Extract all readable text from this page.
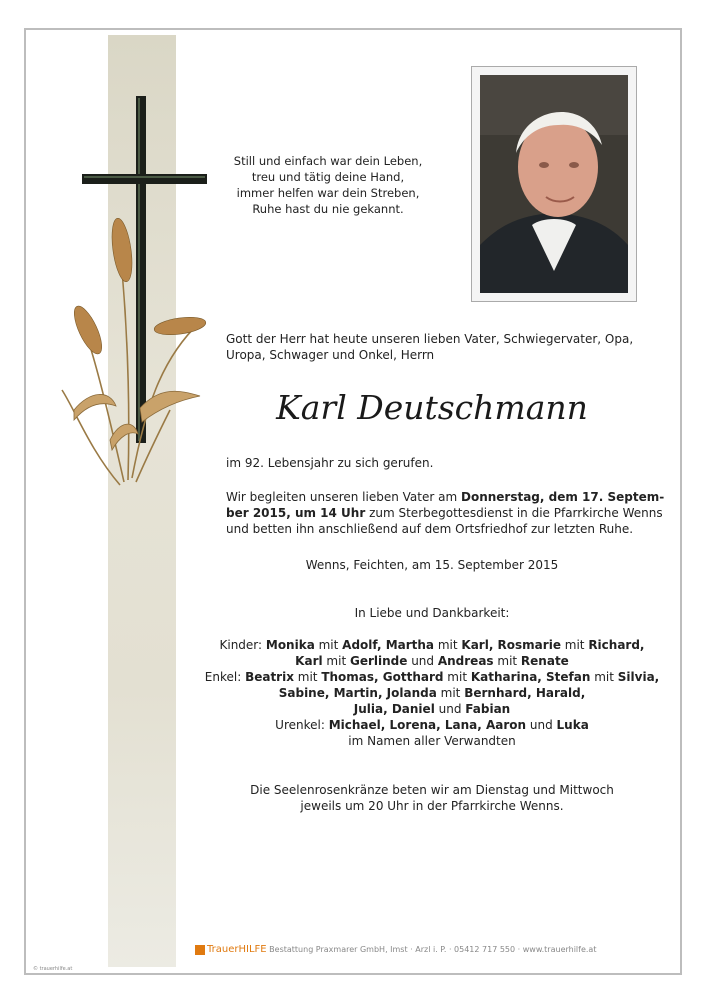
Still und einfach war dein Leben,
treu und tätig deine Hand,
immer helfen war dein Streben,
Ruhe hast du nie gekannt.
Gott der Herr hat heute unseren lieben Vater, Schwiegervater, Opa,
Uropa, Schwager und Onkel, Herrn
Karl Deutschmann
im 92. Lebensjahr zu sich gerufen.
Wir begleiten unseren lieben Vater am Donnerstag, dem 17. Septem-
ber 2015, um 14 Uhr zum Sterbegottesdienst in die Pfarrkirche Wenns
und betten ihn anschließend auf dem Ortsfriedhof zur letzten Ruhe.
Wenns, Feichten, am 15. September 2015
In Liebe und Dankbarkeit:
Kinder: Monika mit Adolf, Martha mit Karl, Rosmarie mit Richard,
Karl mit Gerlinde und Andreas mit Renate
Enkel: Beatrix mit Thomas, Gotthard mit Katharina, Stefan mit Silvia,
Sabine, Martin, Jolanda mit Bernhard, Harald,
Julia, Daniel und Fabian
Urenkel: Michael, Lorena, Lana, Aaron und Luka
im Namen aller Verwandten
Die Seelenrosenkränze beten wir am Dienstag und Mittwoch
jeweils um 20 Uhr in der Pfarrkirche Wenns.
TrauerHILFE Bestattung Praxmarer GmbH, Imst · Arzl i. P. · 05412 717 550 · www.trauerhilfe.at
© trauerhilfe.at
